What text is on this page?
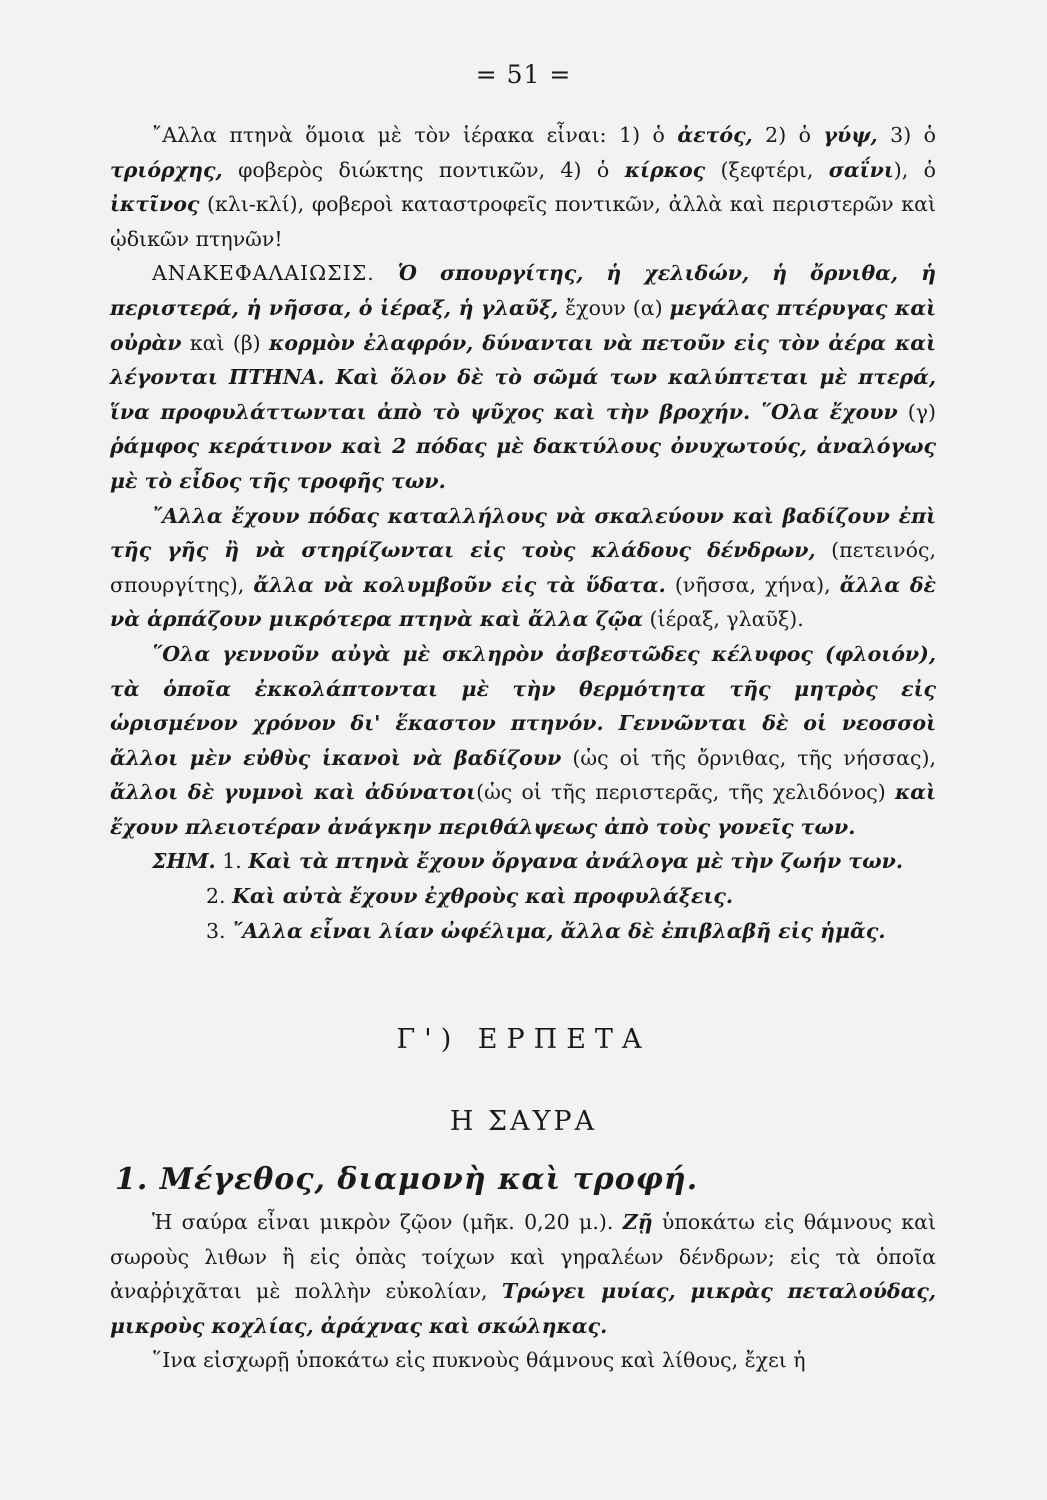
= 51 =

῎Αλλα πτηνὰ ὅμοια μὲ τὸν ἱέρακα εἶναι: 1) ὁ ἀετός, 2) ὁ γύψ, 3) ὁ τριόρχης, φοβερὸς διώκτης ποντικῶν, 4) ὁ κίρκος (ξεφτέρι, σαΐνι), ὁ ἰκτῖνος (κλι-κλί), φοβεροὶ καταστροφεῖς ποντικῶν, ἀλλὰ καὶ περιστερῶν καὶ ᾠδικῶν πτηνῶν!

ΑΝΑΚΕΦΑΛΑΙΩΣΙΣ. Ὁ σπουργίτης, ἡ χελιδών, ἡ ὄρνιθα, ἡ περιστερά, ἡ νῆσσα, ὁ ἱέραξ, ἡ γλαῦξ, ἔχουν (α) μεγάλας πτέρυγας καὶ οὐρὰν καὶ (β) κορμὸν ἐλαφρόν, δύνανται νὰ πετοῦν εἰς τὸν ἀέρα καὶ λέγονται ΠΤΗΝΑ. Καὶ ὅλον δὲ τὸ σῶμά των καλύπτεται μὲ πτερά, ἵνα προφυλάττωνται ἀπὸ τὸ ψῦχος καὶ τὴν βροχήν. ῞Ολα ἔχουν (γ) ῥάμφος κεράτινον καὶ 2 πόδας μὲ δακτύλους ὀνυχωτούς, ἀναλόγως μὲ τὸ εἶδος τῆς τροφῆς των.

῎Αλλα ἔχουν πόδας καταλλήλους νὰ σκαλεύουν καὶ βαδίζουν ἐπὶ τῆς γῆς ἢ νὰ στηρίζωνται εἰς τοὺς κλάδους δένδρων, (πετεινός, σπουργίτης), ἄλλα νὰ κολυμβοῦν εἰς τὰ ὕδατα. (νῆσσα, χήνα), ἄλλα δὲ νὰ ἁρπάζουν μικρότερα πτηνὰ καὶ ἄλλα ζῷα (ἱέραξ, γλαῦξ).

῞Ολα γεννοῦν αὐγὰ μὲ σκληρὸν ἀσβεστῶδες κέλυφος (φλοιόν), τὰ ὁποῖα ἐκκολάπτονται μὲ τὴν θερμότητα τῆς μητρὸς εἰς ὡρισμένον χρόνον δι' ἕκαστον πτηνόν. Γεννῶνται δὲ οἱ νεοσσοὶ ἄλλοι μὲν εὐθὺς ἱκανοὶ νὰ βαδίζουν (ὡς οἱ τῆς ὄρνιθας, τῆς νήσσας), ἄλλοι δὲ γυμνοὶ καὶ ἀδύνατοι(ὡς οἱ τῆς περιστερᾶς, τῆς χελιδόνος) καὶ ἔχουν πλειοτέραν ἀνάγκην περιθάλψεως ἀπὸ τοὺς γονεῖς των.

ΣΗΜ. 1. Καὶ τὰ πτηνὰ ἔχουν ὄργανα ἀνάλογα μὲ τὴν ζωήν των.

2. Καὶ αὐτὰ ἔχουν ἐχθροὺς καὶ προφυλάξεις.

3. ῎Αλλα εἶναι λίαν ὠφέλιμα, ἄλλα δὲ ἐπιβλαβῆ εἰς ἡμᾶς.

Γ') ΕΡΠΕΤΑ
Η ΣΑΥΡΑ
1. Μέγεθος, διαμονὴ καὶ τροφή.

Ἡ σαύρα εἶναι μικρὸν ζῷον (μῆκ. 0,20 μ.). Ζῇ ὑποκάτω εἰς θάμνους καὶ σωροὺς λιθων ἢ εἰς ὀπὰς τοίχων καὶ γηραλέων δένδρων; εἰς τὰ ὁποῖα ἀναῤῥιχᾶται μὲ πολλὴν εὐκολίαν, Τρώγει μυίας, μικρὰς πεταλούδας, μικροὺς κοχλίας, ἀράχνας καὶ σκώληκας.

῞Ινα εἰσχωρῇ ὑποκάτω εἰς πυκνοὺς θάμνους καὶ λίθους, ἔχει ἡ
